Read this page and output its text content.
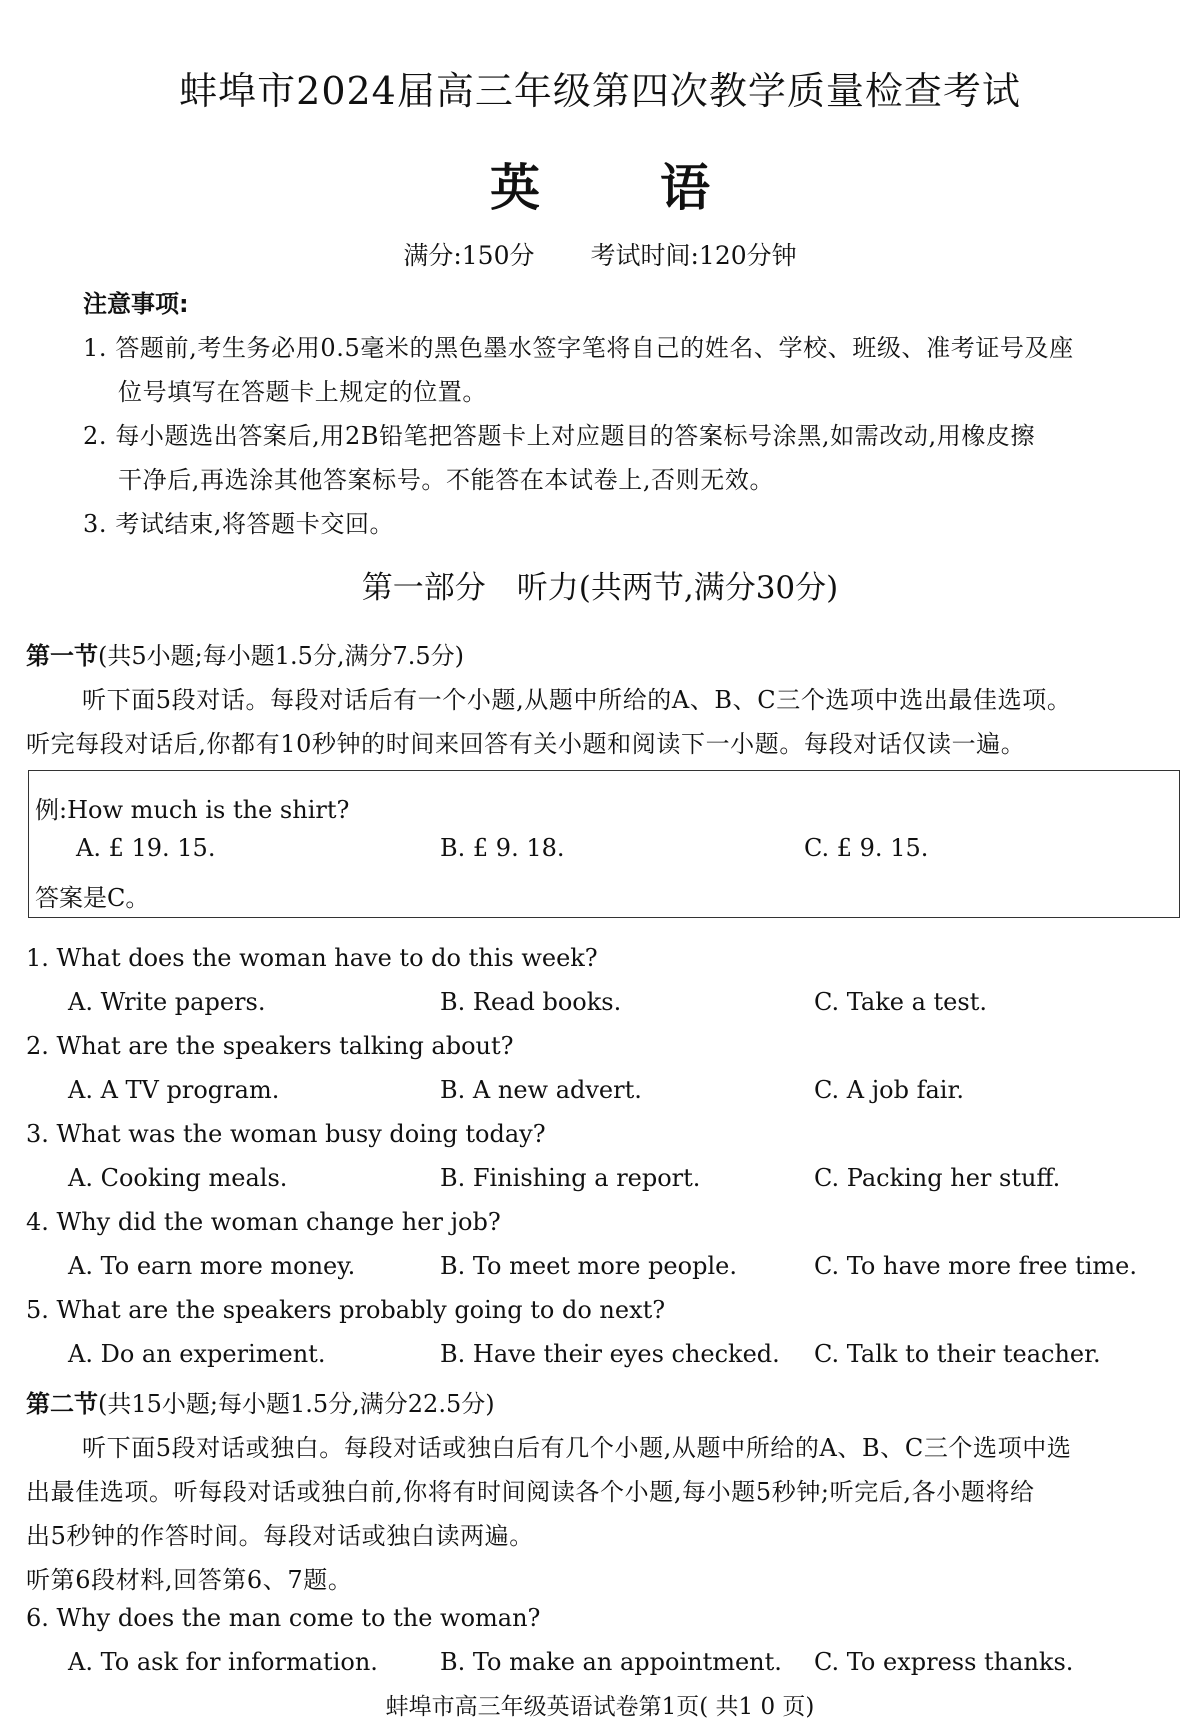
蚌埠市2024届高三年级第四次教学质量检查考试
英 语
满分:150分 考试时间:120分钟
注意事项:
1. 答题前,考生务必用0.5毫米的黑色墨水签字笔将自己的姓名、学校、班级、准考证号及座
位号填写在答题卡上规定的位置。
2. 每小题选出答案后,用2B铅笔把答题卡上对应题目的答案标号涂黑,如需改动,用橡皮擦
干净后,再选涂其他答案标号。不能答在本试卷上,否则无效。
3. 考试结束,将答题卡交回。
第一部分　听力(共两节,满分30分)
第一节(共5小题;每小题1.5分,满分7.5分)
听下面5段对话。每段对话后有一个小题,从题中所给的A、B、C三个选项中选出最佳选项。
听完每段对话后,你都有10秒钟的时间来回答有关小题和阅读下一小题。每段对话仅读一遍。
例:How much is the shirt?
A. £ 19. 15.	B. £ 9. 18.	C. £ 9. 15.
答案是C。
1. What does the woman have to do this week?
A. Write papers.	B. Read books.	C. Take a test.
2. What are the speakers talking about?
A. A TV program.	B. A new advert.	C. A job fair.
3. What was the woman busy doing today?
A. Cooking meals.	B. Finishing a report.	C. Packing her stuff.
4. Why did the woman change her job?
A. To earn more money.	B. To meet more people.	C. To have more free time.
5. What are the speakers probably going to do next?
A. Do an experiment.	B. Have their eyes checked. C. Talk to their teacher.
第二节(共15小题;每小题1.5分,满分22.5分)
听下面5段对话或独白。每段对话或独白后有几个小题,从题中所给的A、B、C三个选项中选
出最佳选项。听每段对话或独白前,你将有时间阅读各个小题,每小题5秒钟;听完后,各小题将给
出5秒钟的作答时间。每段对话或独白读两遍。
听第6段材料,回答第6、7题。
6. Why does the man come to the woman?
A. To ask for information.	B. To make an appointment. C. To express thanks.
蚌埠市高三年级英语试卷第1页( 共1 0 页)
